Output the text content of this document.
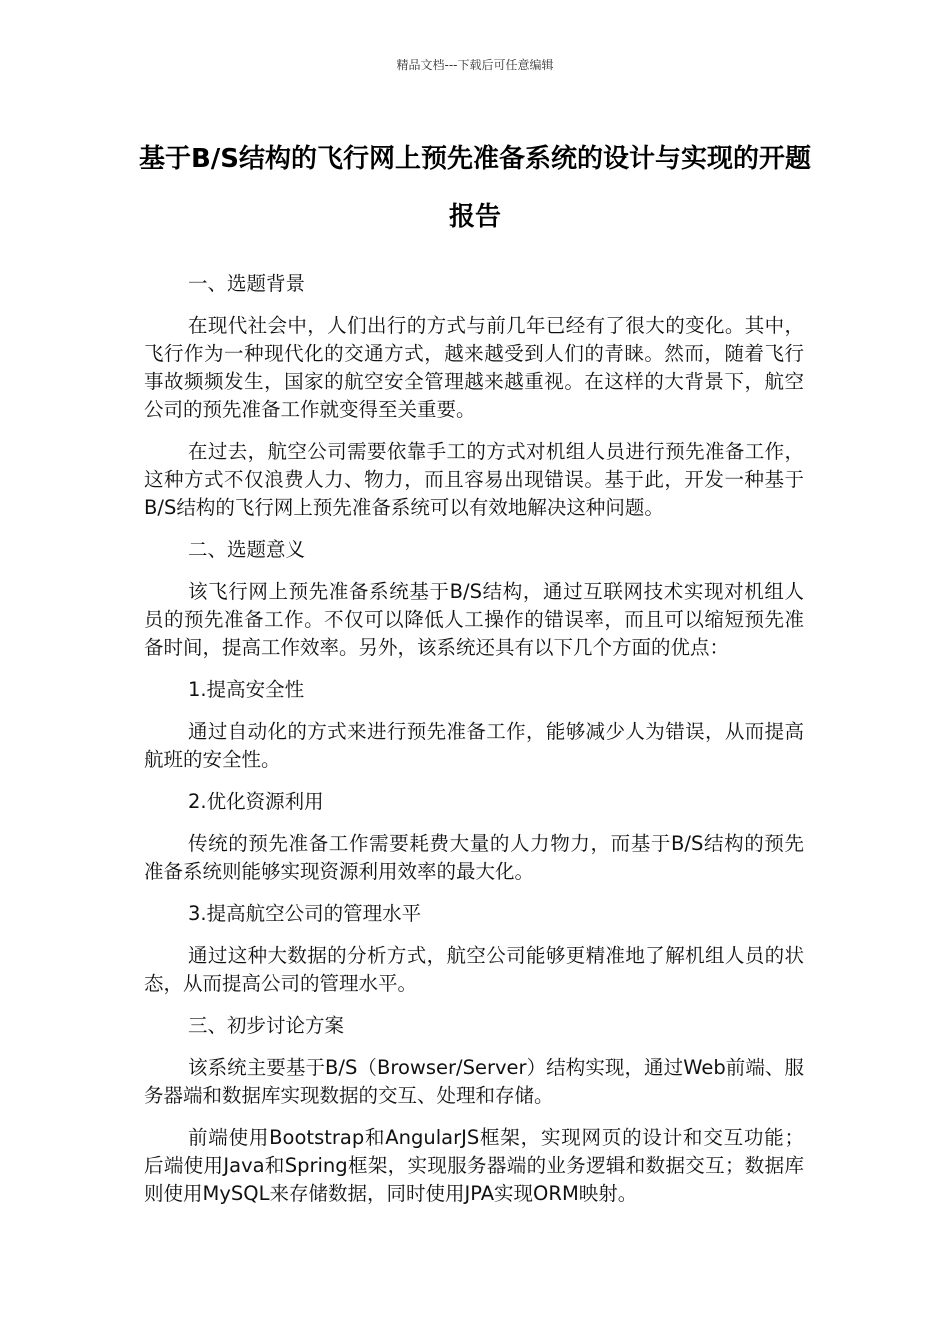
精品文档---下载后可任意编辑
基于B/S结构的飞行网上预先准备系统的设计与实现的开题报告

一、选题背景

在现代社会中，人们出行的方式与前几年已经有了很大的变化。其中，飞行作为一种现代化的交通方式，越来越受到人们的青睐。然而，随着飞行事故频频发生，国家的航空安全管理越来越重视。在这样的大背景下，航空公司的预先准备工作就变得至关重要。

在过去，航空公司需要依靠手工的方式对机组人员进行预先准备工作，这种方式不仅浪费人力、物力，而且容易出现错误。基于此，开发一种基于B/S结构的飞行网上预先准备系统可以有效地解决这种问题。

二、选题意义

该飞行网上预先准备系统基于B/S结构，通过互联网技术实现对机组人员的预先准备工作。不仅可以降低人工操作的错误率，而且可以缩短预先准备时间，提高工作效率。另外，该系统还具有以下几个方面的优点：

1.提高安全性

通过自动化的方式来进行预先准备工作，能够减少人为错误，从而提高航班的安全性。

2.优化资源利用

传统的预先准备工作需要耗费大量的人力物力，而基于B/S结构的预先准备系统则能够实现资源利用效率的最大化。

3.提高航空公司的管理水平

通过这种大数据的分析方式，航空公司能够更精准地了解机组人员的状态，从而提高公司的管理水平。

三、初步讨论方案

该系统主要基于B/S（Browser/Server）结构实现，通过Web前端、服务器端和数据库实现数据的交互、处理和存储。

前端使用Bootstrap和AngularJS框架，实现网页的设计和交互功能；后端使用Java和Spring框架，实现服务器端的业务逻辑和数据交互；数据库则使用MySQL来存储数据，同时使用JPA实现ORM映射。
